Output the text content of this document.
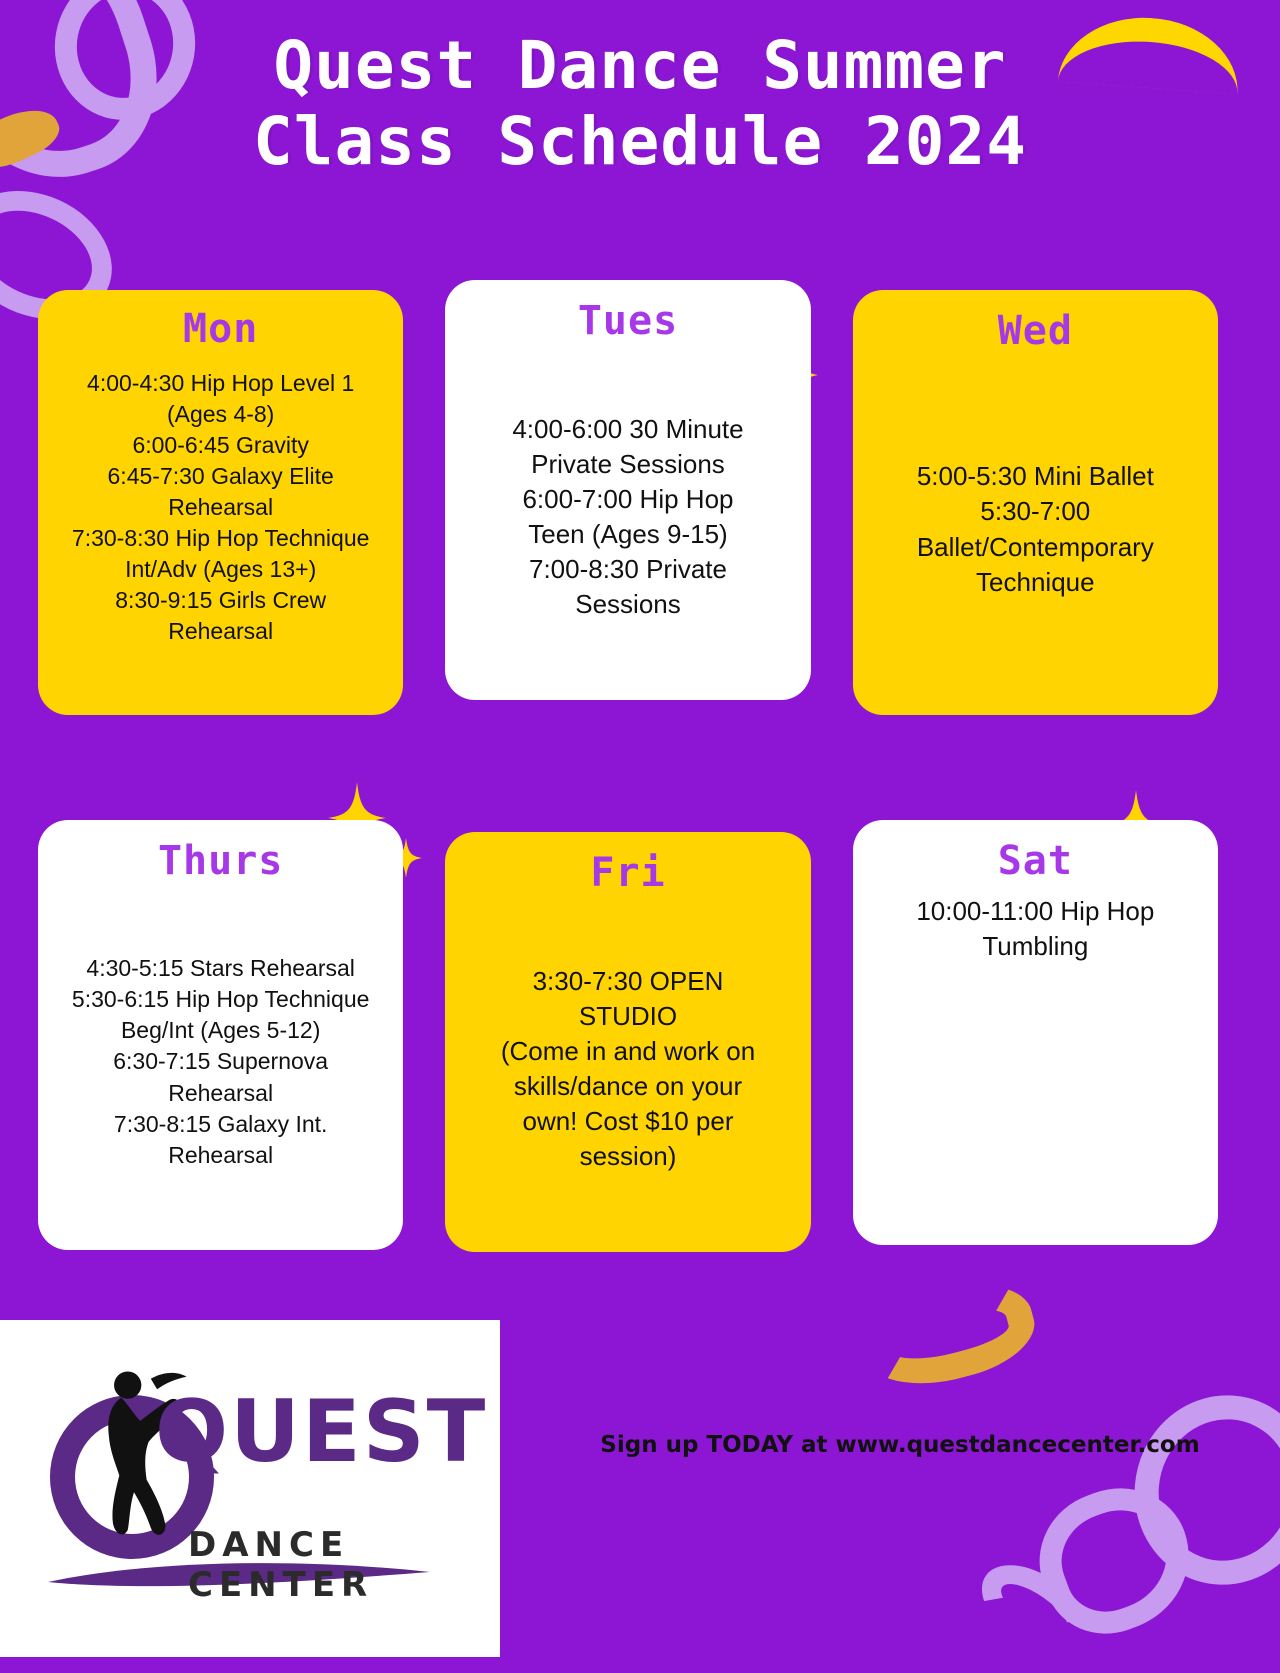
Quest Dance Summer
Class Schedule 2024
Mon

4:00-4:30 Hip Hop Level 1

(Ages 4-8)

6:00-6:45 Gravity

6:45-7:30 Galaxy Elite

Rehearsal

7:30-8:30 Hip Hop Technique

Int/Adv (Ages 13+)

8:30-9:15 Girls Crew

Rehearsal

Tues

4:00-6:00 30 Minute

Private Sessions

6:00-7:00 Hip Hop

Teen (Ages 9-15)

7:00-8:30 Private

Sessions

Wed

5:00-5:30 Mini Ballet

5:30-7:00

Ballet/Contemporary

Technique

Thurs

4:30-5:15 Stars Rehearsal

5:30-6:15 Hip Hop Technique

Beg/Int (Ages 5-12)

6:30-7:15 Supernova

Rehearsal

7:30-8:15 Galaxy Int.

Rehearsal

Fri

3:30-7:30 OPEN

STUDIO

(Come in and work on

skills/dance on your

own! Cost $10 per

session)

Sat

10:00-11:00 Hip Hop

Tumbling

QUEST
DANCE CENTER
Sign up TODAY at www.questdancecenter.com
